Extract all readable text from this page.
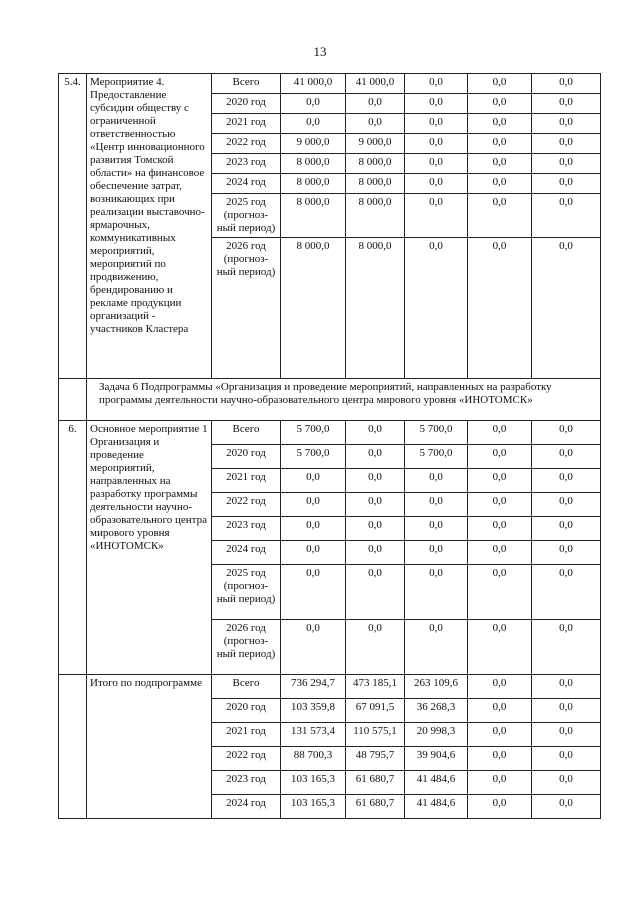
13
5.4.	Мероприятие 4. Предоставление субсидии обществу с ограниченной ответственностью «Центр инновационного развития Томской области» на финансовое обеспечение затрат, возникающих при реализации выставочно-ярмарочных, коммуникативных мероприятий, мероприятий по продвижению, брендированию и рекламе продукции организаций - участников Кластера	Всего	41 000,0	41 000,0	0,0	0,0	0,0
		2020 год	0,0	0,0	0,0	0,0	0,0
		2021 год	0,0	0,0	0,0	0,0	0,0
		2022 год	9 000,0	9 000,0	0,0	0,0	0,0
		2023 год	8 000,0	8 000,0	0,0	0,0	0,0
		2024 год	8 000,0	8 000,0	0,0	0,0	0,0
		2025 год (прогноз-ный период)	8 000,0	8 000,0	0,0	0,0	0,0
		2026 год (прогноз-ный период)	8 000,0	8 000,0	0,0	0,0	0,0
	Задача 6 Подпрограммы «Организация и проведение мероприятий, направленных на разработку программы деятельности научно-образовательного центра мирового уровня «ИНОТОМСК»						
6.	Основное мероприятие 1 Организация и проведение мероприятий, направленных на разработку программы деятельности научно-образовательного центра мирового уровня «ИНОТОМСК»	Всего	5 700,0	0,0	5 700,0	0,0	0,0
		2020 год	5 700,0	0,0	5 700,0	0,0	0,0
		2021 год	0,0	0,0	0,0	0,0	0,0
		2022 год	0,0	0,0	0,0	0,0	0,0
		2023 год	0,0	0,0	0,0	0,0	0,0
		2024 год	0,0	0,0	0,0	0,0	0,0
		2025 год (прогноз-ный период)	0,0	0,0	0,0	0,0	0,0
		2026 год (прогноз-ный период)	0,0	0,0	0,0	0,0	0,0
	Итого по подпрограмме	Всего	736 294,7	473 185,1	263 109,6	0,0	0,0
		2020 год	103 359,8	67 091,5	36 268,3	0,0	0,0
		2021 год	131 573,4	110 575,1	20 998,3	0,0	0,0
		2022 год	88 700,3	48 795,7	39 904,6	0,0	0,0
		2023 год	103 165,3	61 680,7	41 484,6	0,0	0,0
		2024 год	103 165,3	61 680,7	41 484,6	0,0	0,0
